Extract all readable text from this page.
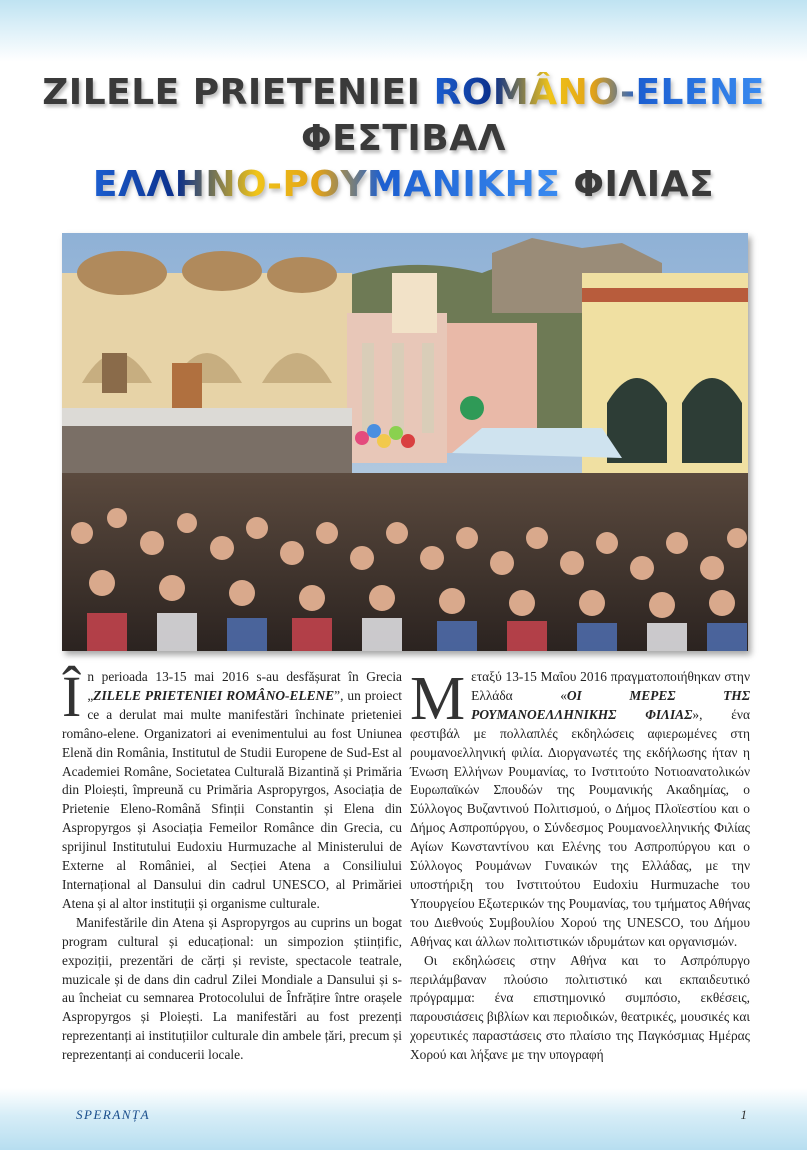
ZILELE PRIETENIEI ROMÂNO-ELENE
ΦΕΣΤΙΒΑΛ
ΕΛΛΗΝΟ-ΡΟΥΜΑΝΙΚΗΣ ΦΙΛΙΑΣ

În perioada 13-15 mai 2016 s-au desfășurat în Grecia „ZILELE PRIETENIEI ROMÂNO-ELENE”, un proiect ce a derulat mai multe manifestări închinate prieteniei româno-elene. Organizatori ai evenimentului au fost Uniunea Elenă din România, Institutul de Studii Europene de Sud-Est al Academiei Române, Societatea Culturală Bizantină și Primăria din Ploiești, împreună cu Primăria Aspropyrgos, Asociația de Prietenie Eleno-Română Sfinții Constantin și Elena din Aspropyrgos și Asociația Femeilor Românce din Grecia, cu sprijinul Institutului Eudoxiu Hurmuzache al Ministerului de Externe al României, al Secției Atena a Consiliului Internațional al Dansului din cadrul UNESCO, al Primăriei Atena și al altor instituții și organisme culturale.

Manifestările din Atena și Aspropyrgos au cuprins un bogat program cultural și educațional: un simpozion științific, expoziții, prezentări de cărți și reviste, spectacole teatrale, muzicale și de dans din cadrul Zilei Mondiale a Dansului și s-au încheiat cu semnarea Protocolului de Înfrățire între orașele Aspropyrgos și Ploiești. La manifestări au fost prezenți reprezentanți ai instituțiilor culturale din ambele țări, precum și reprezentanți ai conducerii locale.

Μεταξύ 13-15 Μαΐου 2016 πραγματοποιήθηκαν στην Ελλάδα «ΟΙ ΜΕΡΕΣ ΤΗΣ ΡΟΥΜΑΝΟΕΛΛΗΝΙΚΗΣ ΦΙΛΙΑΣ», ένα φεστιβάλ με πολλαπλές εκδηλώσεις αφιερωμένες στη ρουμανοελληνική φιλία. Διοργανωτές της εκδήλωσης ήταν η Ένωση Ελλήνων Ρουμανίας, το Ινστιτούτο Νοτιοανατολικών Ευρωπαϊκών Σπουδών της Ρουμανικής Ακαδημίας, ο Σύλλογος Βυζαντινού Πολιτισμού, ο Δήμος Πλοϊεστίου και ο Δήμος Ασπροπύργου, ο Σύνδεσμος Ρουμανοελληνικής Φιλίας Αγίων Κωνσταντίνου και Ελένης του Ασπροπύργου και ο Σύλλογος Ρουμάνων Γυναικών της Ελλάδας, με την υποστήριξη του Ινστιτούτου Eudoxiu Hurmuzache του Υπουργείου Εξωτερικών της Ρουμανίας, του τμήματος Αθήνας του Διεθνούς Συμβουλίου Χορού της UNESCO, του Δήμου Αθήνας και άλλων πολιτιστικών ιδρυμάτων και οργανισμών.

Οι εκδηλώσεις στην Αθήνα και το Ασπρόπυργο περιλάμβαναν πλούσιο πολιτιστικό και εκπαιδευτικό πρόγραμμα: ένα επιστημονικό συμπόσιο, εκθέσεις, παρουσιάσεις βιβλίων και περιοδικών, θεατρικές, μουσικές και χορευτικές παραστάσεις στο πλαίσιο της Παγκόσμιας Ημέρας Χορού και λήξανε με την υπογραφή

SPERANȚA	1
